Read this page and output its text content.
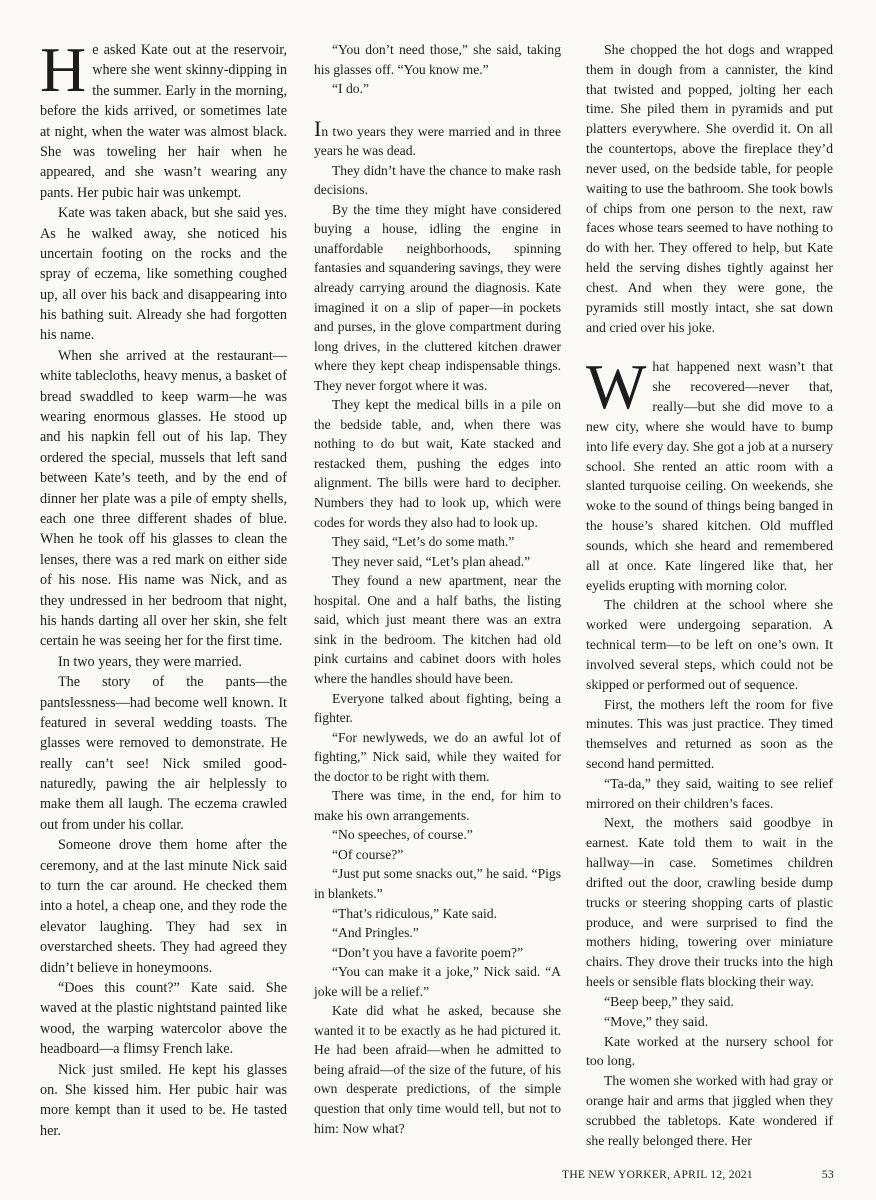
He asked Kate out at the reservoir, where she went skinny-dipping in the summer. Early in the morning, before the kids arrived, or sometimes late at night, when the water was almost black. She was toweling her hair when he appeared, and she wasn’t wearing any pants. Her pubic hair was unkempt.

Kate was taken aback, but she said yes. As he walked away, she noticed his uncertain footing on the rocks and the spray of eczema, like something coughed up, all over his back and disappearing into his bathing suit. Already she had forgotten his name.

When she arrived at the restaurant—white tablecloths, heavy menus, a basket of bread swaddled to keep warm—he was wearing enormous glasses. He stood up and his napkin fell out of his lap. They ordered the special, mussels that left sand between Kate’s teeth, and by the end of dinner her plate was a pile of empty shells, each one three different shades of blue. When he took off his glasses to clean the lenses, there was a red mark on either side of his nose. His name was Nick, and as they undressed in her bedroom that night, his hands darting all over her skin, she felt certain he was seeing her for the first time.

In two years, they were married.

The story of the pants—the pantslessness—had become well known. It featured in several wedding toasts. The glasses were removed to demonstrate. He really can’t see! Nick smiled good-naturedly, pawing the air helplessly to make them all laugh. The eczema crawled out from under his collar.

Someone drove them home after the ceremony, and at the last minute Nick said to turn the car around. He checked them into a hotel, a cheap one, and they rode the elevator laughing. They had sex in overstarched sheets. They had agreed they didn’t believe in honeymoons.

“Does this count?” Kate said. She waved at the plastic nightstand painted like wood, the warping watercolor above the headboard—a flimsy French lake.

Nick just smiled. He kept his glasses on. She kissed him. Her pubic hair was more kempt than it used to be. He tasted her.

“You don’t need those,” she said, taking his glasses off. “You know me.”

“I do.”

In two years they were married and in three years he was dead.

They didn’t have the chance to make rash decisions.

By the time they might have considered buying a house, idling the engine in unaffordable neighborhoods, spinning fantasies and squandering savings, they were already carrying around the diagnosis. Kate imagined it on a slip of paper—in pockets and purses, in the glove compartment during long drives, in the cluttered kitchen drawer where they kept cheap indispensable things. They never forgot where it was.

They kept the medical bills in a pile on the bedside table, and, when there was nothing to do but wait, Kate stacked and restacked them, pushing the edges into alignment. The bills were hard to decipher. Numbers they had to look up, which were codes for words they also had to look up.

They said, “Let’s do some math.”

They never said, “Let’s plan ahead.”

They found a new apartment, near the hospital. One and a half baths, the listing said, which just meant there was an extra sink in the bedroom. The kitchen had old pink curtains and cabinet doors with holes where the handles should have been.

Everyone talked about fighting, being a fighter.

“For newlyweds, we do an awful lot of fighting,” Nick said, while they waited for the doctor to be right with them.

There was time, in the end, for him to make his own arrangements.

“No speeches, of course.”

“Of course?”

“Just put some snacks out,” he said. “Pigs in blankets.”

“That’s ridiculous,” Kate said.

“And Pringles.”

“Don’t you have a favorite poem?”

“You can make it a joke,” Nick said. “A joke will be a relief.”

Kate did what he asked, because she wanted it to be exactly as he had pictured it. He had been afraid—when he admitted to being afraid—of the size of the future, of his own desperate predictions, of the simple question that only time would tell, but not to him: Now what?

She chopped the hot dogs and wrapped them in dough from a cannister, the kind that twisted and popped, jolting her each time. She piled them in pyramids and put platters everywhere. She overdid it. On all the countertops, above the fireplace they’d never used, on the bedside table, for people waiting to use the bathroom. She took bowls of chips from one person to the next, raw faces whose tears seemed to have nothing to do with her. They offered to help, but Kate held the serving dishes tightly against her chest. And when they were gone, the pyramids still mostly intact, she sat down and cried over his joke.

What happened next wasn’t that she recovered—never that, really—but she did move to a new city, where she would have to bump into life every day. She got a job at a nursery school. She rented an attic room with a slanted turquoise ceiling. On weekends, she woke to the sound of things being banged in the house’s shared kitchen. Old muffled sounds, which she heard and remembered all at once. Kate lingered like that, her eyelids erupting with morning color.

The children at the school where she worked were undergoing separation. A technical term—to be left on one’s own. It involved several steps, which could not be skipped or performed out of sequence.

First, the mothers left the room for five minutes. This was just practice. They timed themselves and returned as soon as the second hand permitted.

“Ta-da,” they said, waiting to see relief mirrored on their children’s faces.

Next, the mothers said goodbye in earnest. Kate told them to wait in the hallway—in case. Sometimes children drifted out the door, crawling beside dump trucks or steering shopping carts of plastic produce, and were surprised to find the mothers hiding, towering over miniature chairs. They drove their trucks into the high heels or sensible flats blocking their way.

“Beep beep,” they said.

“Move,” they said.

Kate worked at the nursery school for too long.

The women she worked with had gray or orange hair and arms that jiggled when they scrubbed the tabletops. Kate wondered if she really belonged there. Her

THE NEW YORKER, APRIL 12, 2021	53
